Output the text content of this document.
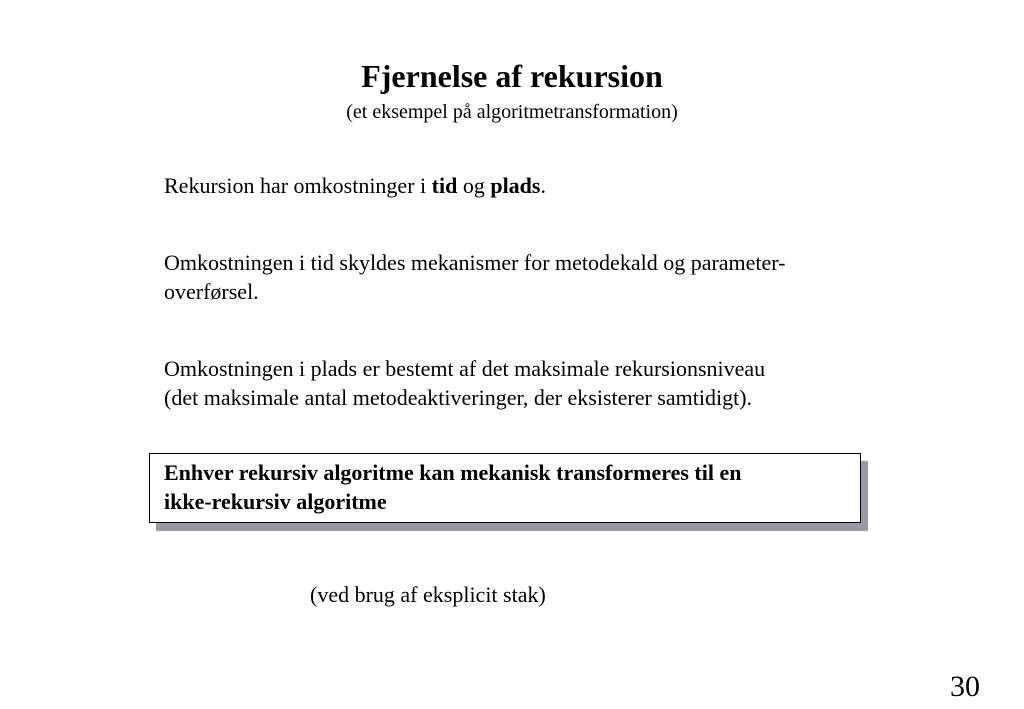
Fjernelse af rekursion
(et eksempel på algoritmetransformation)
Rekursion har omkostninger i tid og plads.
Omkostningen i tid skyldes mekanismer for metodekald og parameter-
overførsel.
Omkostningen i plads er bestemt af det maksimale rekursionsniveau
(det maksimale antal metodeaktiveringer, der eksisterer samtidigt).
Enhver rekursiv algoritme kan mekanisk transformeres til en
ikke-rekursiv algoritme
(ved brug af eksplicit stak)
30
